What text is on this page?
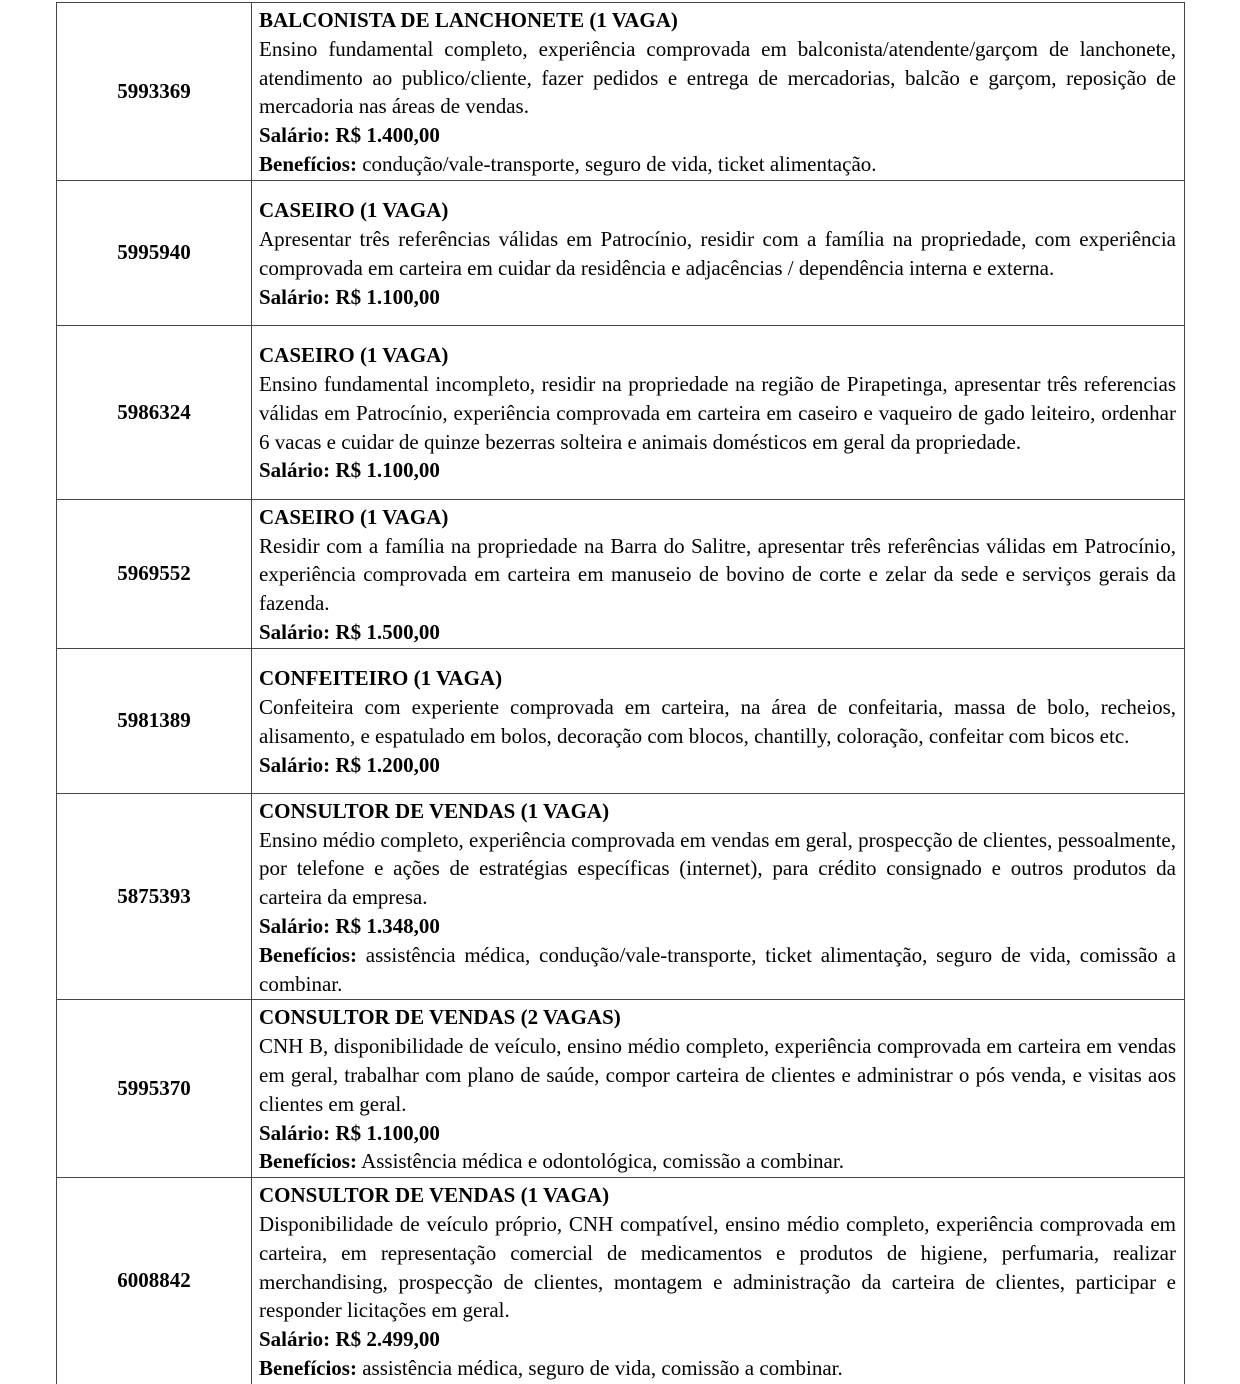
5993369	BALCONISTA DE LANCHONETE (1 VAGA)
Ensino fundamental completo, experiência comprovada em balconista/atendente/garçom de lanchonete, atendimento ao publico/cliente, fazer pedidos e entrega de mercadorias, balcão e garçom, reposição de mercadoria nas áreas de vendas.
Salário: R$ 1.400,00
Benefícios: condução/vale-transporte, seguro de vida, ticket alimentação.

5995940	CASEIRO (1 VAGA)
Apresentar três referências válidas em Patrocínio, residir com a família na propriedade, com experiência comprovada em carteira em cuidar da residência e adjacências / dependência interna e externa.
Salário: R$ 1.100,00

5986324	CASEIRO (1 VAGA)
Ensino fundamental incompleto, residir na propriedade na região de Pirapetinga, apresentar três referencias válidas em Patrocínio, experiência comprovada em carteira em caseiro e vaqueiro de gado leiteiro, ordenhar 6 vacas e cuidar de quinze bezerras solteira e animais domésticos em geral da propriedade.
Salário: R$ 1.100,00

5969552	CASEIRO (1 VAGA)
Residir com a família na propriedade na Barra do Salitre, apresentar três referências válidas em Patrocínio, experiência comprovada em carteira em manuseio de bovino de corte e zelar da sede e serviços gerais da fazenda.
Salário: R$ 1.500,00

5981389	CONFEITEIRO (1 VAGA)
Confeiteira com experiente comprovada em carteira, na área de confeitaria, massa de bolo, recheios, alisamento, e espatulado em bolos, decoração com blocos, chantilly, coloração, confeitar com bicos etc.
Salário: R$ 1.200,00

5875393	CONSULTOR DE VENDAS (1 VAGA)
Ensino médio completo, experiência comprovada em vendas em geral, prospecção de clientes, pessoalmente, por telefone e ações de estratégias específicas (internet), para crédito consignado e outros produtos da carteira da empresa.
Salário: R$ 1.348,00
Benefícios: assistência médica, condução/vale-transporte, ticket alimentação, seguro de vida, comissão a combinar.

5995370	CONSULTOR DE VENDAS (2 VAGAS)
CNH B, disponibilidade de veículo, ensino médio completo, experiência comprovada em carteira em vendas em geral, trabalhar com plano de saúde, compor carteira de clientes e administrar o pós venda, e visitas aos clientes em geral.
Salário: R$ 1.100,00
Benefícios: Assistência médica e odontológica, comissão a combinar.

6008842	CONSULTOR DE VENDAS (1 VAGA)
Disponibilidade de veículo próprio, CNH compatível, ensino médio completo, experiência comprovada em carteira, em representação comercial de medicamentos e produtos de higiene, perfumaria, realizar merchandising, prospecção de clientes, montagem e administração da carteira de clientes, participar e responder licitações em geral.
Salário: R$ 2.499,00
Benefícios: assistência médica, seguro de vida, comissão a combinar.
